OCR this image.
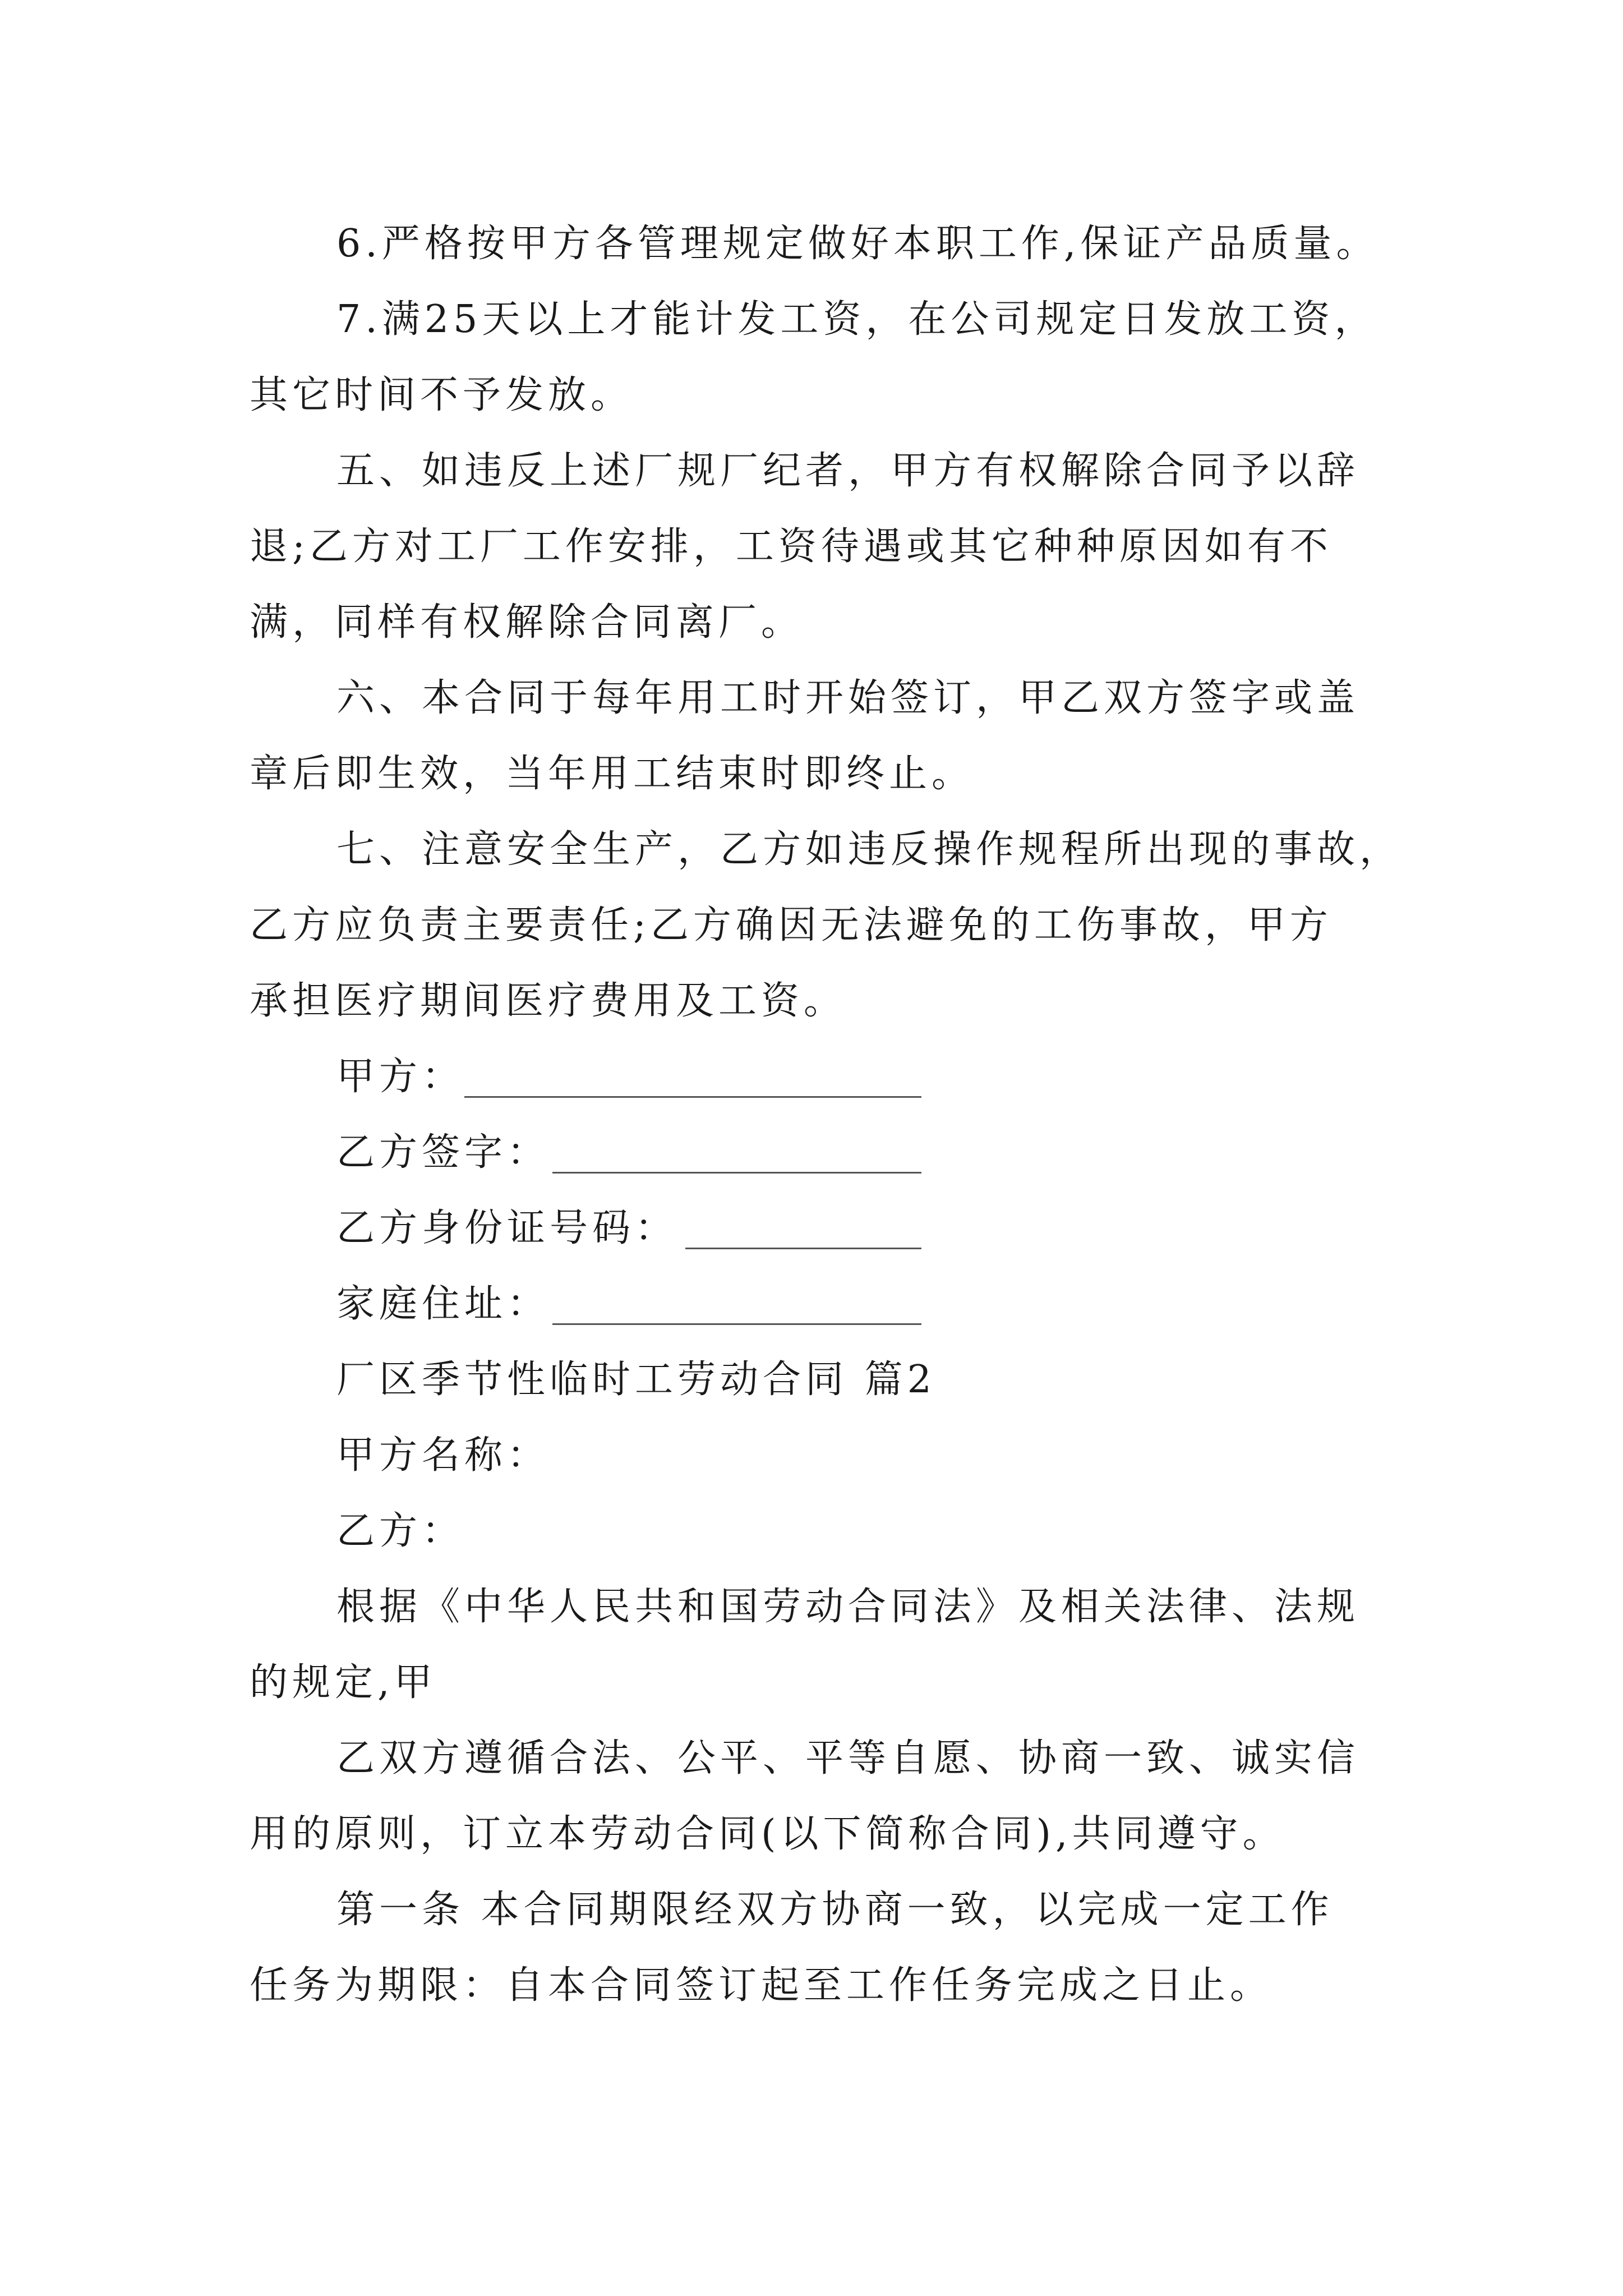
6.严格按甲方各管理规定做好本职工作,保证产品质量。
7.满25天以上才能计发工资，在公司规定日发放工资，
其它时间不予发放。
五、如违反上述厂规厂纪者，甲方有权解除合同予以辞
退;乙方对工厂工作安排，工资待遇或其它种种原因如有不
满，同样有权解除合同离厂。
六、本合同于每年用工时开始签订，甲乙双方签字或盖
章后即生效，当年用工结束时即终止。
七、注意安全生产，乙方如违反操作规程所出现的事故，
乙方应负责主要责任;乙方确因无法避免的工伤事故，甲方
承担医疗期间医疗费用及工资。
甲方：
乙方签字：
乙方身份证号码：
家庭住址：
厂区季节性临时工劳动合同 篇2
甲方名称：
乙方：
根据《中华人民共和国劳动合同法》及相关法律、法规
的规定,甲
乙双方遵循合法、公平、平等自愿、协商一致、诚实信
用的原则，订立本劳动合同(以下简称合同),共同遵守。
第一条 本合同期限经双方协商一致，以完成一定工作
任务为期限：自本合同签订起至工作任务完成之日止。
